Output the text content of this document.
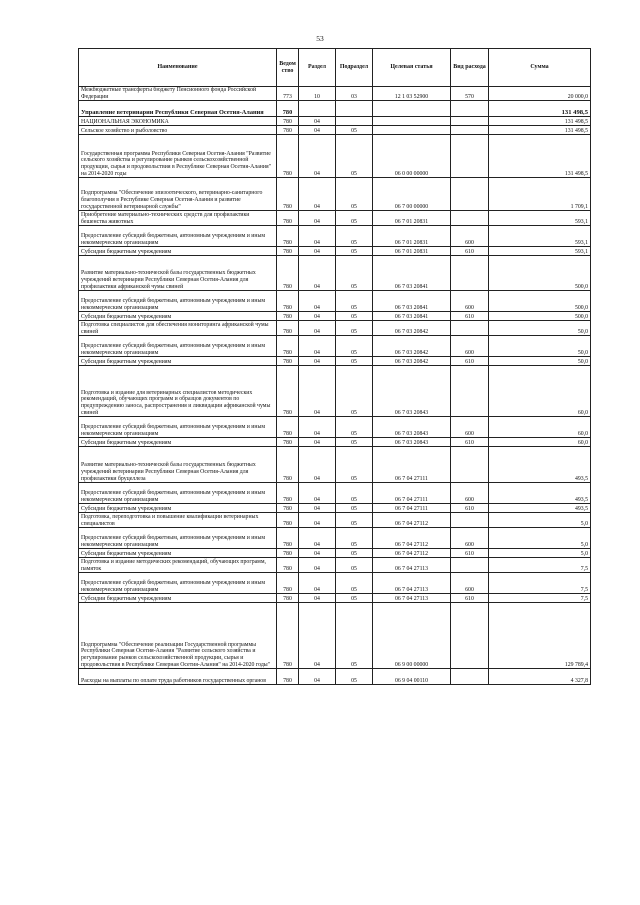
53
Наименование	Ведом ство	Раздел	Подраздел	Целевая статья	Вид расхода	Сумма
Межбюджетные трансферты бюджету Пенсионного фонда Российской Федерации	773	10	03	12 1 03 52900	570	20 000,0
Управление ветеринарии Республики Северная Осетия-Алания	780					131 498,5
НАЦИОНАЛЬНАЯ ЭКОНОМИКА	780	04				131 498,5
Сельское хозяйство и рыболовство	780	04	05			131 498,5
Государственная программа Республики Северная Осетия-Алания "Развитие сельского хозяйства и регулирование рынков сельскохозяйственной продукции, сырья и продовольствия в Республике Северная Осетия-Алания" на 2014-2020 годы	780	04	05	06 0 00 00000		131 498,5
Подпрограмма "Обеспечение эпизоотического, ветеринарно-санитарного благополучия в Республике Северная Осетия-Алания и развитие государственной ветеринарной службы"	780	04	05	06 7 00 00000		1 709,1
Приобретение материально-технических средств для профилактики бешенства животных	780	04	05	06 7 01 20831		593,1
Предоставление субсидий бюджетным, автономным учреждениям и иным некоммерческим организациям	780	04	05	06 7 01 20831	600	593,1
Субсидии бюджетным учреждениям	780	04	05	06 7 01 20831	610	593,1
Развитие материально-технической базы государственных бюджетных учреждений ветеринарии Республики Северная Осетия-Алания для профилактики африканской чумы свиней	780	04	05	06 7 03 20841		500,0
Предоставление субсидий бюджетным, автономным учреждениям и иным некоммерческим организациям	780	04	05	06 7 03 20841	600	500,0
Субсидии бюджетным учреждениям	780	04	05	06 7 03 20841	610	500,0
Подготовка специалистов для обеспечения мониторинга африканской чумы свиней	780	04	05	06 7 03 20842		50,0
Предоставление субсидий бюджетным, автономным учреждениям и иным некоммерческим организациям	780	04	05	06 7 03 20842	600	50,0
Субсидии бюджетным учреждениям	780	04	05	06 7 03 20842	610	50,0
Подготовка и издание для ветеринарных специалистов методических рекомендаций, обучающих программ и образцов документов по предупреждению заноса, распространения и ликвидации африканской чумы свиней	780	04	05	06 7 03 20843		60,0
Предоставление субсидий бюджетным, автономным учреждениям и иным некоммерческим организациям	780	04	05	06 7 03 20843	600	60,0
Субсидии бюджетным учреждениям	780	04	05	06 7 03 20843	610	60,0
Развитие материально-технической базы государственных бюджетных учреждений ветеринарии Республики Северная Осетия-Алания для профилактики бруцеллеза	780	04	05	06 7 04 27111		493,5
Предоставление субсидий бюджетным, автономным учреждениям и иным некоммерческим организациям	780	04	05	06 7 04 27111	600	493,5
Субсидии бюджетным учреждениям	780	04	05	06 7 04 27111	610	493,5
Подготовка, переподготовка и повышение квалификации ветеринарных специалистов	780	04	05	06 7 04 27112		5,0
Предоставление субсидий бюджетным, автономным учреждениям и иным некоммерческим организациям	780	04	05	06 7 04 27112	600	5,0
Субсидии бюджетным учреждениям	780	04	05	06 7 04 27112	610	5,0
Подготовка и издание методических рекомендаций, обучающих программ, памяток	780	04	05	06 7 04 27113		7,5
Предоставление субсидий бюджетным, автономным учреждениям и иным некоммерческим организациям	780	04	05	06 7 04 27113	600	7,5
Субсидии бюджетным учреждениям	780	04	05	06 7 04 27113	610	7,5
Подпрограмма "Обеспечение реализации Государственной программы Республики Северная Осетия-Алания "Развитие сельского хозяйства и регулирование рынков сельскохозяйственной продукции, сырья и продовольствия в Республике Северная Осетия-Алания" на 2014-2020 годы"	780	04	05	06 9 00 00000		129 789,4
Расходы на выплаты по оплате труда работников государственных органов	780	04	05	06 9 04 00110		4 327,8
